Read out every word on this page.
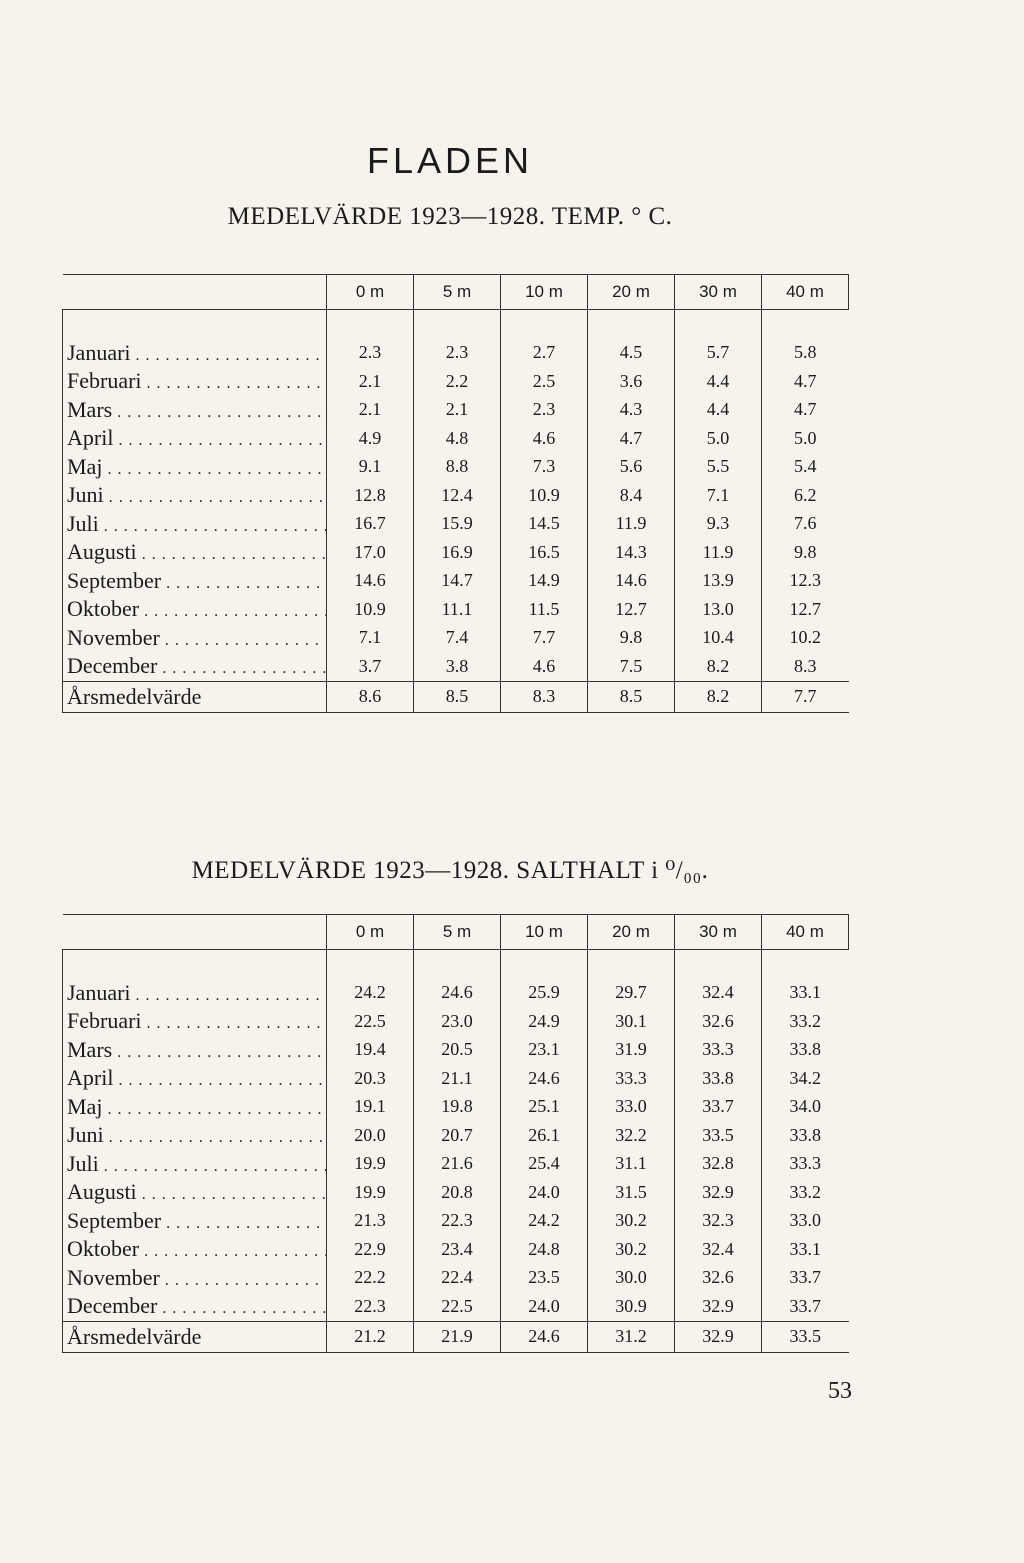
FLADEN
MEDELVÄRDE 1923—1928. TEMP. ° C.
	0 m	5 m	10 m	20 m	30 m	40 m

Januari . . .	2.3	2.3	2.7	4.5	5.7	5.8
Februari . . .	2.1	2.2	2.5	3.6	4.4	4.7
Mars . . .	2.1	2.1	2.3	4.3	4.4	4.7
April . . .	4.9	4.8	4.6	4.7	5.0	5.0
Maj . . .	9.1	8.8	7.3	5.6	5.5	5.4
Juni . . .	12.8	12.4	10.9	8.4	7.1	6.2
Juli . . .	16.7	15.9	14.5	11.9	9.3	7.6
Augusti . . .	17.0	16.9	16.5	14.3	11.9	9.8
September . . .	14.6	14.7	14.9	14.6	13.9	12.3
Oktober . . .	10.9	11.1	11.5	12.7	13.0	12.7
November . . .	7.1	7.4	7.7	9.8	10.4	10.2
December . . .	3.7	3.8	4.6	7.5	8.2	8.3
Årsmedelvärde	8.6	8.5	8.3	8.5	8.2	7.7
MEDELVÄRDE 1923—1928. SALTHALT i ⁰/₀₀.
	0 m	5 m	10 m	20 m	30 m	40 m

Januari . . .	24.2	24.6	25.9	29.7	32.4	33.1
Februari . . .	22.5	23.0	24.9	30.1	32.6	33.2
Mars . . .	19.4	20.5	23.1	31.9	33.3	33.8
April . . .	20.3	21.1	24.6	33.3	33.8	34.2
Maj . . .	19.1	19.8	25.1	33.0	33.7	34.0
Juni . . .	20.0	20.7	26.1	32.2	33.5	33.8
Juli . . .	19.9	21.6	25.4	31.1	32.8	33.3
Augusti . . .	19.9	20.8	24.0	31.5	32.9	33.2
September . . .	21.3	22.3	24.2	30.2	32.3	33.0
Oktober . . .	22.9	23.4	24.8	30.2	32.4	33.1
November . . .	22.2	22.4	23.5	30.0	32.6	33.7
December . . .	22.3	22.5	24.0	30.9	32.9	33.7
Årsmedelvärde	21.2	21.9	24.6	31.2	32.9	33.5
53
